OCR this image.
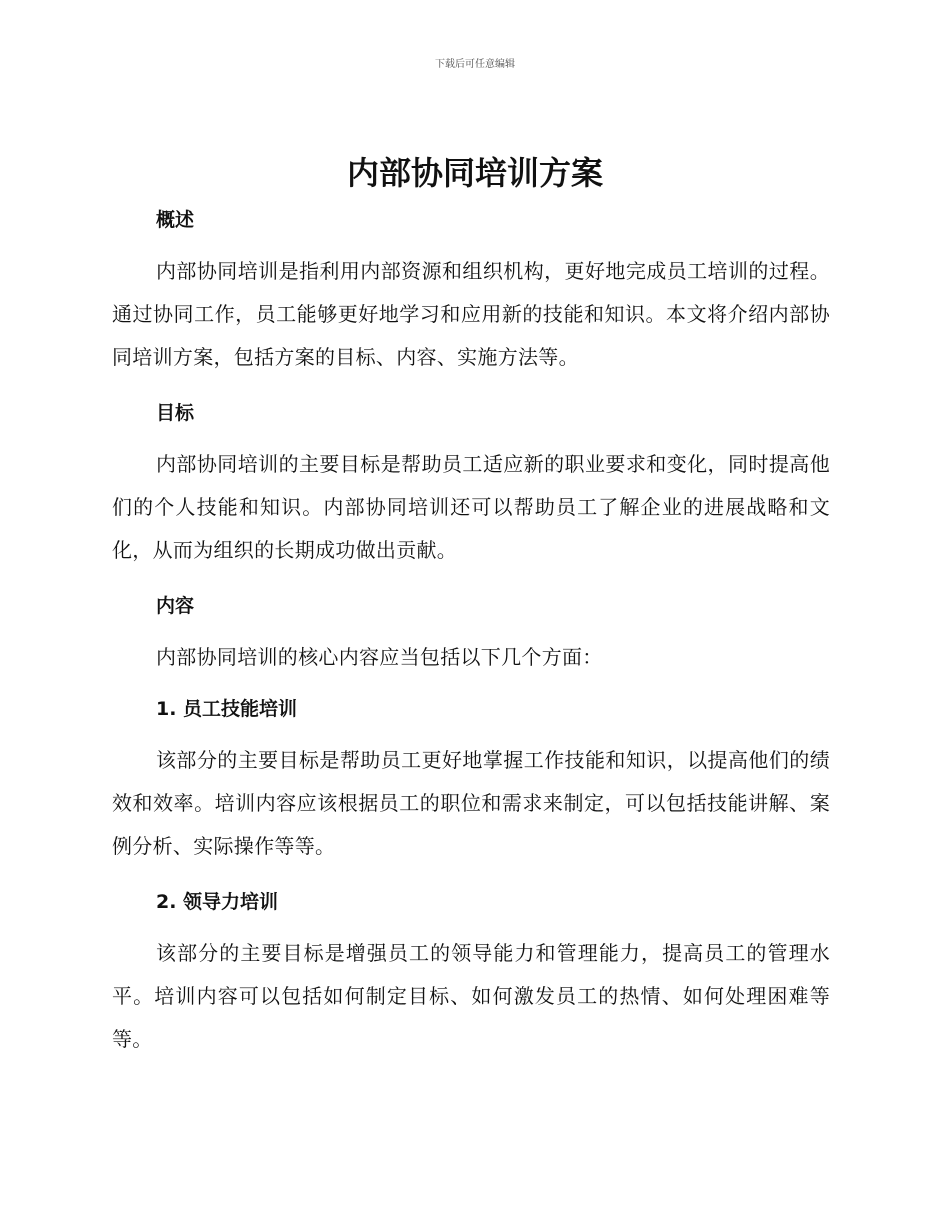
下载后可任意编辑
内部协同培训方案
概述

内部协同培训是指利用内部资源和组织机构，更好地完成员工培训的过程。通过协同工作，员工能够更好地学习和应用新的技能和知识。本文将介绍内部协同培训方案，包括方案的目标、内容、实施方法等。

目标

内部协同培训的主要目标是帮助员工适应新的职业要求和变化，同时提高他们的个人技能和知识。内部协同培训还可以帮助员工了解企业的进展战略和文化，从而为组织的长期成功做出贡献。

内容

内部协同培训的核心内容应当包括以下几个方面：

1. 员工技能培训

该部分的主要目标是帮助员工更好地掌握工作技能和知识，以提高他们的绩效和效率。培训内容应该根据员工的职位和需求来制定，可以包括技能讲解、案例分析、实际操作等等。

2. 领导力培训

该部分的主要目标是增强员工的领导能力和管理能力，提高员工的管理水平。培训内容可以包括如何制定目标、如何激发员工的热情、如何处理困难等等。
